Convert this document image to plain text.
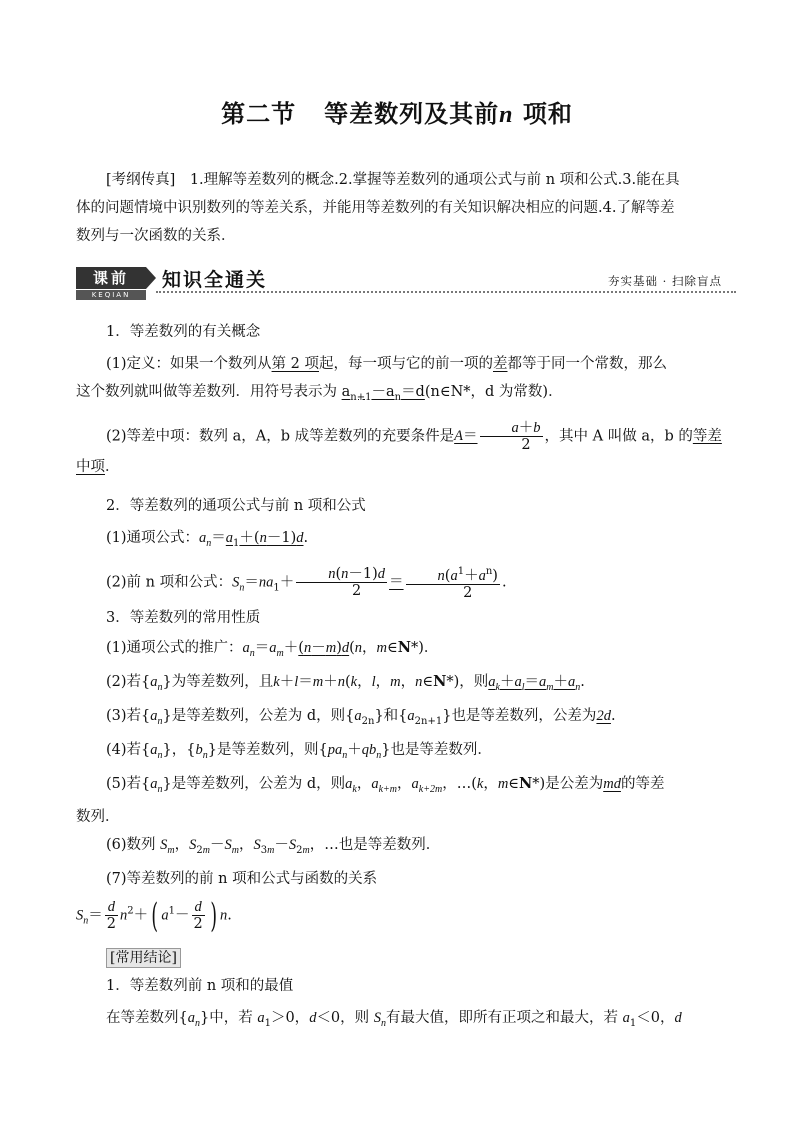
第二节 等差数列及其前n 项和
[考纲传真]　 1.理解等差数列的概念.2.掌握等差数列的通项公式与前 n 项和公式.3.能在具
体的问题情境中识别数列的等差关系，并能用等差数列的有关知识解决相应的问题.4.了解等差
数列与一次函数的关系．
课前
KEQIAN
知识全通关	夯实基础 · 扫除盲点
1．等差数列的有关概念
(1)定义：如果一个数列从第 2 项起，每一项与它的前一项的差都等于同一个常数，那么
这个数列就叫做等差数列．用符号表示为 $a_{n+1}-a_n=d(n\in N*$，d 为常数)．
(2)等差中项：数列 a，A，b 成等差数列的充要条件是$A= \frac{a+b}{2}$ ，其中 A 叫做 a，b 的等差
中项．
2．等差数列的通项公式与前 n 项和公式
(1)通项公式：$a_n=a_1+(n-1)d$.
(2)前 n 项和公式：$S_n=na_1+ \frac{n(n-1)d}{2} = \frac{n(a^1+a^n)}{2}$ .
3．等差数列的常用性质
(1)通项公式的推广：$a_n=a_m+(n-m)d(n$，m∈N*)．
(2)若$\{a_n\}$为等差数列，且k＋l＝m＋n(k，l，m，n∈N*)，则$a_k+a_l=a_m+a_n$.
(3)若$\{a_n\}$是等差数列，公差为 d，则$\{a_{2n}\}$和$\{a_{2n+1}\}$也是等差数列，公差为2d.
(4)若$\{a_n\}$，$\{b_n\}$是等差数列，则$\{pa_n+qb_n\}$也是等差数列．
(5)若$\{a_n\}$是等差数列，公差为 d，则$a_k$，$a_{k+m}$，$a_{k+2m}$，…(k，m∈N*)是公差为md的等差
数列．
(6)数列 $S_m$，$S_{2m}-S_m$，$S_{3m}-S_{2m}$，…也是等差数列．
(7)等差数列的前 n 项和公式与函数的关系
$S_n= \frac{d}{2} n^2+$( $a^1- \frac{d}{2}$ ) n.
[常用结论]
1．等差数列前 n 项和的最值
在等差数列$\{a_n\}$中，若 $a_1>0$，d＜0，则 $S_n$有最大值，即所有正项之和最大，若 $a_1<0$，d
